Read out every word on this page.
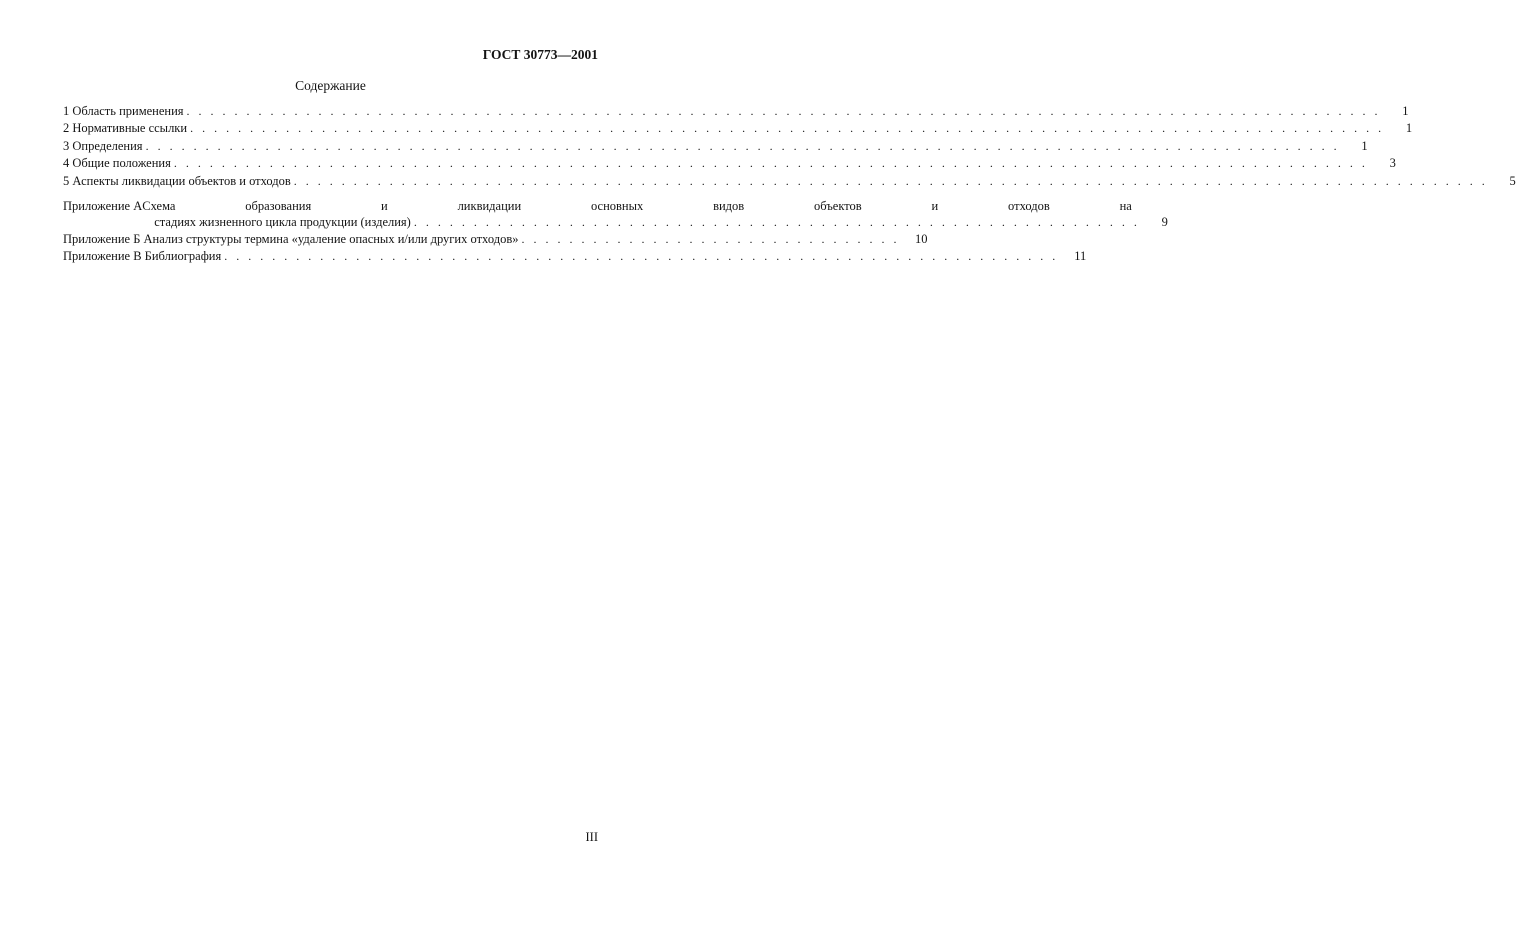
ГОСТ 30773—2001
Содержание
1 Область применения . . . . . . . . . . . . . . . . . . . . . . . . . . . . . . . . . . . . . . . . . . . . . . . . . . . . . . . . . . . . . . . . . . . . . . . . . . . . . . . . . . . . . . . . . . . . . . . . . . . .	1
2 Нормативные ссылки . . . . . . . . . . . . . . . . . . . . . . . . . . . . . . . . . . . . . . . . . . . . . . . . . . . . . . . . . . . . . . . . . . . . . . . . . . . . . . . . . . . . . . . . . . . . . . . . . . . .	1
3 Определения . . . . . . . . . . . . . . . . . . . . . . . . . . . . . . . . . . . . . . . . . . . . . . . . . . . . . . . . . . . . . . . . . . . . . . . . . . . . . . . . . . . . . . . . . . . . . . . . . . . .	1
4 Общие положения . . . . . . . . . . . . . . . . . . . . . . . . . . . . . . . . . . . . . . . . . . . . . . . . . . . . . . . . . . . . . . . . . . . . . . . . . . . . . . . . . . . . . . . . . . . . . . . . . . . .	3
5 Аспекты ликвидации объектов и отходов . . . . . . . . . . . . . . . . . . . . . . . . . . . . . . . . . . . . . . . . . . . . . . . . . . . . . . . . . . . . . . . . . . . . . . . . . . . . . . . . . . . . . . . . . . . . . . . . . . . .	5
Приложение А Схема образования и ликвидации основных видов объектов и отходов на
стадиях жизненного цикла продукции (изделия) . . . . . . . . . . . . . . . . . . . . . . . . . . . . . . . . . . . . . . . . . . . . . . . . . . . . . . . . . . . . .	9
Приложение Б Анализ структуры термина «удаление опасных и/или других отходов» . . . . . . . . . . . . . . . . . . . . . . . . . . . . . . . .	10
Приложение В Библиография . . . . . . . . . . . . . . . . . . . . . . . . . . . . . . . . . . . . . . . . . . . . . . . . . . . . . . . . . . . . . . . . . . . . . .	11
III
